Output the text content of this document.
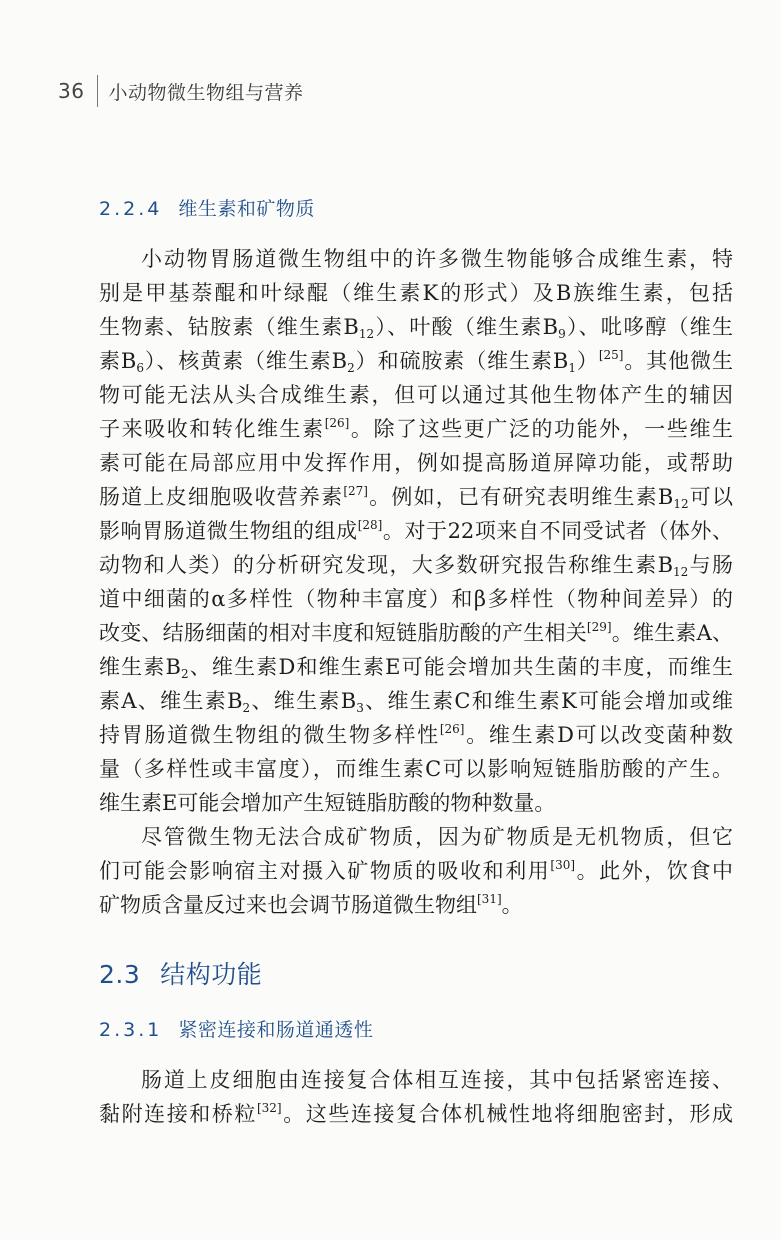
36 小动物微生物组与营养
2.2.4 维生素和矿物质
小动物胃肠道微生物组中的许多微生物能够合成维生素，特
别是甲基萘醌和叶绿醌（维生素K的形式）及B族维生素，包括
生物素、钴胺素（维生素$B_{12}$）、叶酸（维生素$B_9$）、吡哆醇（维生
素$B_6$）、核黄素（维生素$B_2$）和硫胺素（维生素$B_1)[25]$。其他微生
物可能无法从头合成维生素，但可以通过其他生物体产生的辅因
子来吸收和转化维生素[26]。除了这些更广泛的功能外，一些维生
素可能在局部应用中发挥作用，例如提高肠道屏障功能，或帮助
肠道上皮细胞吸收营养素[27]。例如，已有研究表明维生素$B_{12}$可以
影响胃肠道微生物组的组成[28]。对于22项来自不同受试者（体外、
动物和人类）的分析研究发现，大多数研究报告称维生素$B_{12}$与肠
道中细菌的α多样性（物种丰富度）和β多样性（物种间差异）的
改变、结肠细菌的相对丰度和短链脂肪酸的产生相关[29]。维生素A、
维生素$B_2$、维生素D和维生素E可能会增加共生菌的丰度，而维生
素A、维生素$B_2$、维生素$B_3$、维生素C和维生素K可能会增加或维
持胃肠道微生物组的微生物多样性[26]。维生素D可以改变菌种数
量（多样性或丰富度），而维生素C可以影响短链脂肪酸的产生。
维生素E可能会增加产生短链脂肪酸的物种数量。
尽管微生物无法合成矿物质，因为矿物质是无机物质，但它
们可能会影响宿主对摄入矿物质的吸收和利用[30]。此外，饮食中
矿物质含量反过来也会调节肠道微生物组[31]。
2.3 结构功能
2.3.1 紧密连接和肠道通透性
肠道上皮细胞由连接复合体相互连接，其中包括紧密连接、
黏附连接和桥粒[32]。这些连接复合体机械性地将细胞密封，形成
